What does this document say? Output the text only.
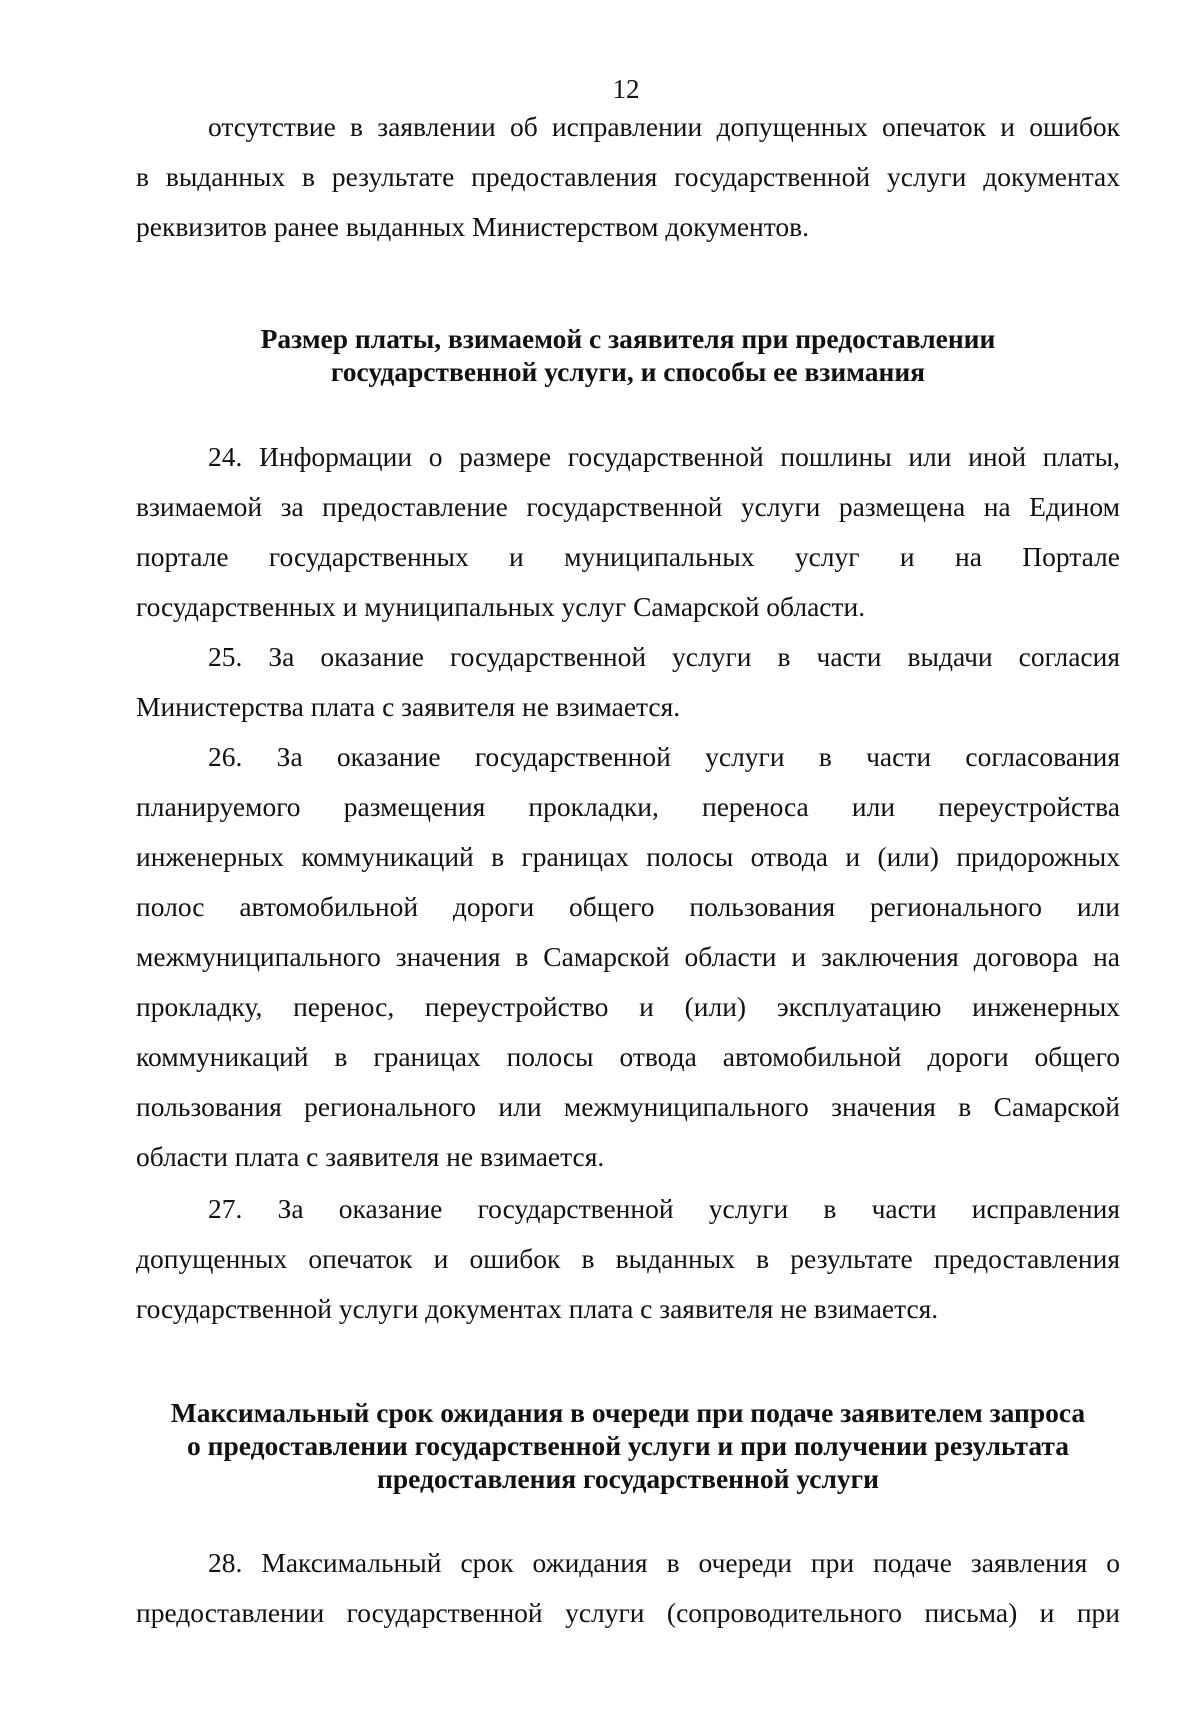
12
отсутствие в заявлении об исправлении допущенных опечаток и ошибок
в выданных в результате предоставления государственной услуги документах
реквизитов ранее выданных Министерством документов.
Размер платы, взимаемой с заявителя при предоставлении
государственной услуги, и способы ее взимания
24. Информации о размере государственной пошлины или иной платы,
взимаемой за предоставление государственной услуги размещена на Едином
портале государственных и муниципальных услуг и на Портале
государственных и муниципальных услуг Самарской области.
25. За оказание государственной услуги в части выдачи согласия
Министерства плата с заявителя не взимается.
26. За оказание государственной услуги в части согласования
планируемого размещения прокладки, переноса или переустройства
инженерных коммуникаций в границах полосы отвода и (или) придорожных
полос автомобильной дороги общего пользования регионального или
межмуниципального значения в Самарской области и заключения договора на
прокладку, перенос, переустройство и (или) эксплуатацию инженерных
коммуникаций в границах полосы отвода автомобильной дороги общего
пользования регионального или межмуниципального значения в Самарской
области плата с заявителя не взимается.
27. За оказание государственной услуги в части исправления
допущенных опечаток и ошибок в выданных в результате предоставления
государственной услуги документах плата с заявителя не взимается.
Максимальный срок ожидания в очереди при подаче заявителем запроса
о предоставлении государственной услуги и при получении результата
предоставления государственной услуги
28. Максимальный срок ожидания в очереди при подаче заявления о
предоставлении государственной услуги (сопроводительного письма) и при
